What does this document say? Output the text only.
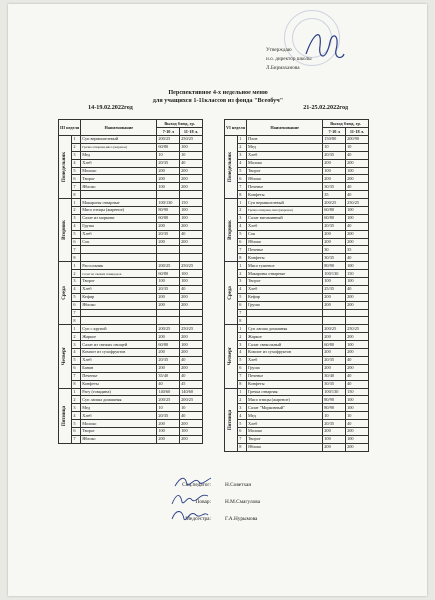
Утверждаю
и.о. директор школы
Л.Бирмаханова
Перспективное 4-х недельное меню
для учащихся 1-11классов из фонда "Всеобуч"
14-19.02.2022год	21-25.02.2022год
III неделя		Наименование	Выход блюд, гр.	
			7-10 л	11-18 л.

Понедельник	1	Суп вермишелевый	200/25	250/25
	2	Гречка отварная,мясо (жареное)	60/80	100
	3	Мед	10	10
	4	Хлеб	20/35	40
	5	Молоко	200	200
	6	Творог	200	200
	7	Яблоко	100	200
	8			

Вторник	1	Макароны отварные	100/130	150
	2	Мясо птицы (жареное)	80/90	100
	3	Салат из моркови	60/80	100
	4	Груша	200	200
	5	Хлеб	20/35	40
	6	Сок	200	200
	7			
	8			

Среда	1	Рассольник	200/25	250/25
	2	Салат из свежих помидоров	60/80	100
	3	Творог	100	100
	4	Хлеб	20/35	40
	5	Кефир	200	200
	6	Яблоко	200	200
	7			
	8			

Четверг	1	Суп с крупой	200/25	250/25
	2	Жаркое	200	200
	3	Салат из свежих овощей	60/80	100
	4	Компот из сухофруктов	200	200
	5	Хлеб	20/35	40
	6	Банан	200	200
	7	Печенье	35/40	40
	8	Конфеты	40	45

Пятница	1	Рагу (говядина)	140/60	140/60
	2	Суп лапша домашняя	200/25	200/25
	3	Мед	10	10
	4	Хлеб	20/35	40
	5	Молоко	200	200
	6	Творог	100	100
	7	Яблоко	200	200
VI неделя		Наименование	Выход блюд, гр.	
			7-10 л	11-18 л.

Понедельник	1	Плов	150/80	200/90
	2	Мед	10	10
	3	Хлеб	20/35	40
	4	Молоко	200	200
	5	Творог	100	100
	6	Яблоко	200	200
	7	Печенье	30/35	40
	8	Конфеты	35	40

Вторник	1	Суп вермишелевый	200/25	250/25
	2	Гречка отварная, мясо(жареное)	60/80	100
	3	Салат витаминный	60/80	100
	4	Хлеб	20/35	40
	5	Сок	200	200
	6	Яблоко	200	200
	7	Печенье	30	35
	8	Конфеты	30/35	40

Среда	1	Мясо тушеное	80/90	100
	2	Макароны отварные	100/130	150
	3	Творог	100	100
	4	Хлеб	25/35	40
	5	Кефир	200	200
	6	Груша	200	200
	7			
	8			

Четверг	1	Суп лапша домашняя	200/25	250/25
	2	Жаркое	200	200
	3	Салат свекольный	60/80	100
	4	Компот из сухофруктов	200	200
	5	Хлеб	20/35	40
	6	Груша	200	200
	7	Печенье	30/40	40
	8	Конфеты	30/35	40

Пятница	1	Гречка отварная	100/130	150
	2	Мясо птицы (жареное)	80/90	100
	3	Салат "Морковный"	80/90	100
	4	Мед	10	10
	5	Хлеб	20/35	40
	6	Молоко	200	200
	7	Творог	100	100
	8	Яблоко	200	200
Соц.педагог:	Н.Советхан
Повар:	Н.М.Смагулова
Медсестра:	Г.А.Нурымова
